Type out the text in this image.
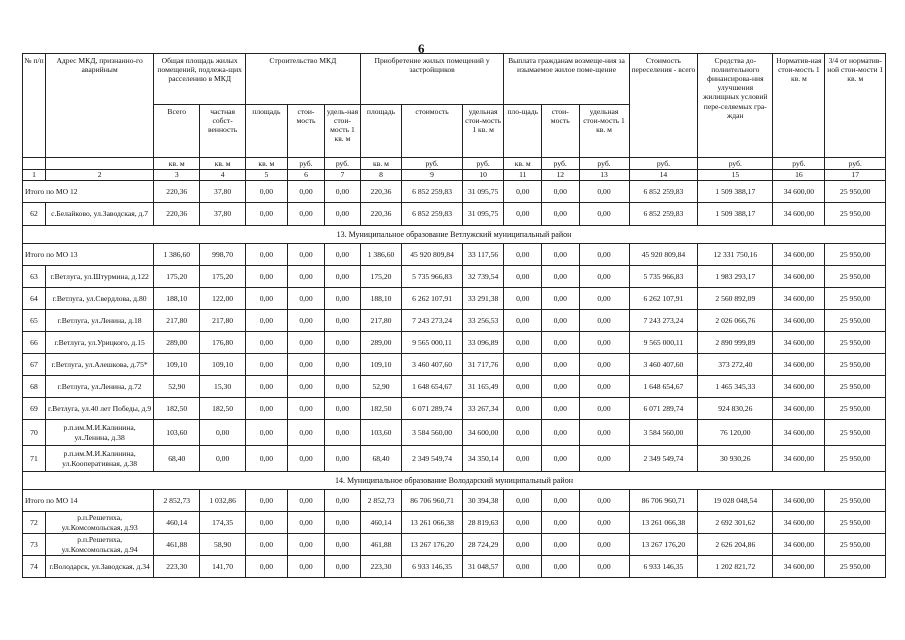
6
№ п/п	Адрес МКД, признанно-го аварийным	Общая площадь жилых помещений, подлежа-щих расселению в МКД		Строительство МКД			Приобретение жилых помещений у застройщиков			Выплата гражданам возмеще-ния за изымаемое жилое поме-щение			Стоимость переселения - всего	Средства до-полнительного финансирова-ния улучшения жилищных условий пере-селяемых гра-ждан	Норматив-ная стои-мость 1 кв. м	3/4 от норматив-ной стои-мости 1 кв. м
		Всего	частная собст-венность	площадь	стои-мость	удель-ная стои-мость 1 кв. м	площадь	стоимость	удельная стои-мость 1 кв. м	пло-щадь	стои-мость	удельная стои-мость 1 кв. м				
		кв. м	кв. м	кв. м	руб.	руб.	кв. м	руб.	руб.	кв. м	руб.	руб.	руб.	руб.	руб.	руб.
1	2	3	4	5	6	7	8	9	10	11	12	13	14	15	16	17
Итого по МО 12		220,36	37,80	0,00	0,00	0,00	220,36	6 852 259,83	31 095,75	0,00	0,00	0,00	6 852 259,83	1 509 388,17	34 600,00	25 950,00
62	с.Белайково, ул.Заводская, д.7	220,36	37,80	0,00	0,00	0,00	220,36	6 852 259,83	31 095,75	0,00	0,00	0,00	6 852 259,83	1 509 388,17	34 600,00	25 950,00
13. Муниципальное образование Ветлужский муниципальный район																
Итого по МО 13		1 386,60	998,70	0,00	0,00	0,00	1 386,60	45 920 809,84	33 117,56	0,00	0,00	0,00	45 920 809,84	12 331 750,16	34 600,00	25 950,00
63	г.Ветлуга, ул.Штурмина, д.122	175,20	175,20	0,00	0,00	0,00	175,20	5 735 966,83	32 739,54	0,00	0,00	0,00	5 735 966,83	1 983 293,17	34 600,00	25 950,00
64	г.Ветлуга, ул.Свердлова, д.80	188,10	122,00	0,00	0,00	0,00	188,10	6 262 107,91	33 291,38	0,00	0,00	0,00	6 262 107,91	2 560 892,09	34 600,00	25 950,00
65	г.Ветлуга, ул.Ленина, д.18	217,80	217,80	0,00	0,00	0,00	217,80	7 243 273,24	33 256,53	0,00	0,00	0,00	7 243 273,24	2 026 066,76	34 600,00	25 950,00
66	г.Ветлуга, ул.Урицкого, д.15	289,00	176,80	0,00	0,00	0,00	289,00	9 565 000,11	33 096,89	0,00	0,00	0,00	9 565 000,11	2 890 999,89	34 600,00	25 950,00
67	г.Ветлуга, ул.Алешкова, д.75*	109,10	109,10	0,00	0,00	0,00	109,10	3 460 407,60	31 717,76	0,00	0,00	0,00	3 460 407,60	373 272,40	34 600,00	25 950,00
68	г.Ветлуга, ул.Ленина, д.72	52,90	15,30	0,00	0,00	0,00	52,90	1 648 654,67	31 165,49	0,00	0,00	0,00	1 648 654,67	1 465 345,33	34 600,00	25 950,00
69	г.Ветлуга, ул.40 лет Победы, д.9	182,50	182,50	0,00	0,00	0,00	182,50	6 071 289,74	33 267,34	0,00	0,00	0,00	6 071 289,74	924 830,26	34 600,00	25 950,00
70	р.п.им.М.И.Калинина, ул.Ленина, д.38	103,60	0,00	0,00	0,00	0,00	103,60	3 584 560,00	34 600,00	0,00	0,00	0,00	3 584 560,00	76 120,00	34 600,00	25 950,00
71	р.п.им.М.И.Калинина, ул.Кооперативная, д.38	68,40	0,00	0,00	0,00	0,00	68,40	2 349 549,74	34 350,14	0,00	0,00	0,00	2 349 549,74	30 930,26	34 600,00	25 950,00
14. Муниципальное образование Володарский муниципальный район																
Итого по МО 14		2 852,73	1 032,86	0,00	0,00	0,00	2 852,73	86 706 960,71	30 394,38	0,00	0,00	0,00	86 706 960,71	19 028 048,54	34 600,00	25 950,00
72	р.п.Решетиха, ул.Комсомольская, д.93	460,14	174,35	0,00	0,00	0,00	460,14	13 261 066,38	28 819,63	0,00	0,00	0,00	13 261 066,38	2 692 301,62	34 600,00	25 950,00
73	р.п.Решетиха, ул.Комсомольская, д.94	461,88	58,90	0,00	0,00	0,00	461,88	13 267 176,20	28 724,29	0,00	0,00	0,00	13 267 176,20	2 626 204,86	34 600,00	25 950,00
74	г.Володарск, ул.Заводская, д.34	223,30	141,70	0,00	0,00	0,00	223,30	6 933 146,35	31 048,57	0,00	0,00	0,00	6 933 146,35	1 202 821,72	34 600,00	25 950,00
